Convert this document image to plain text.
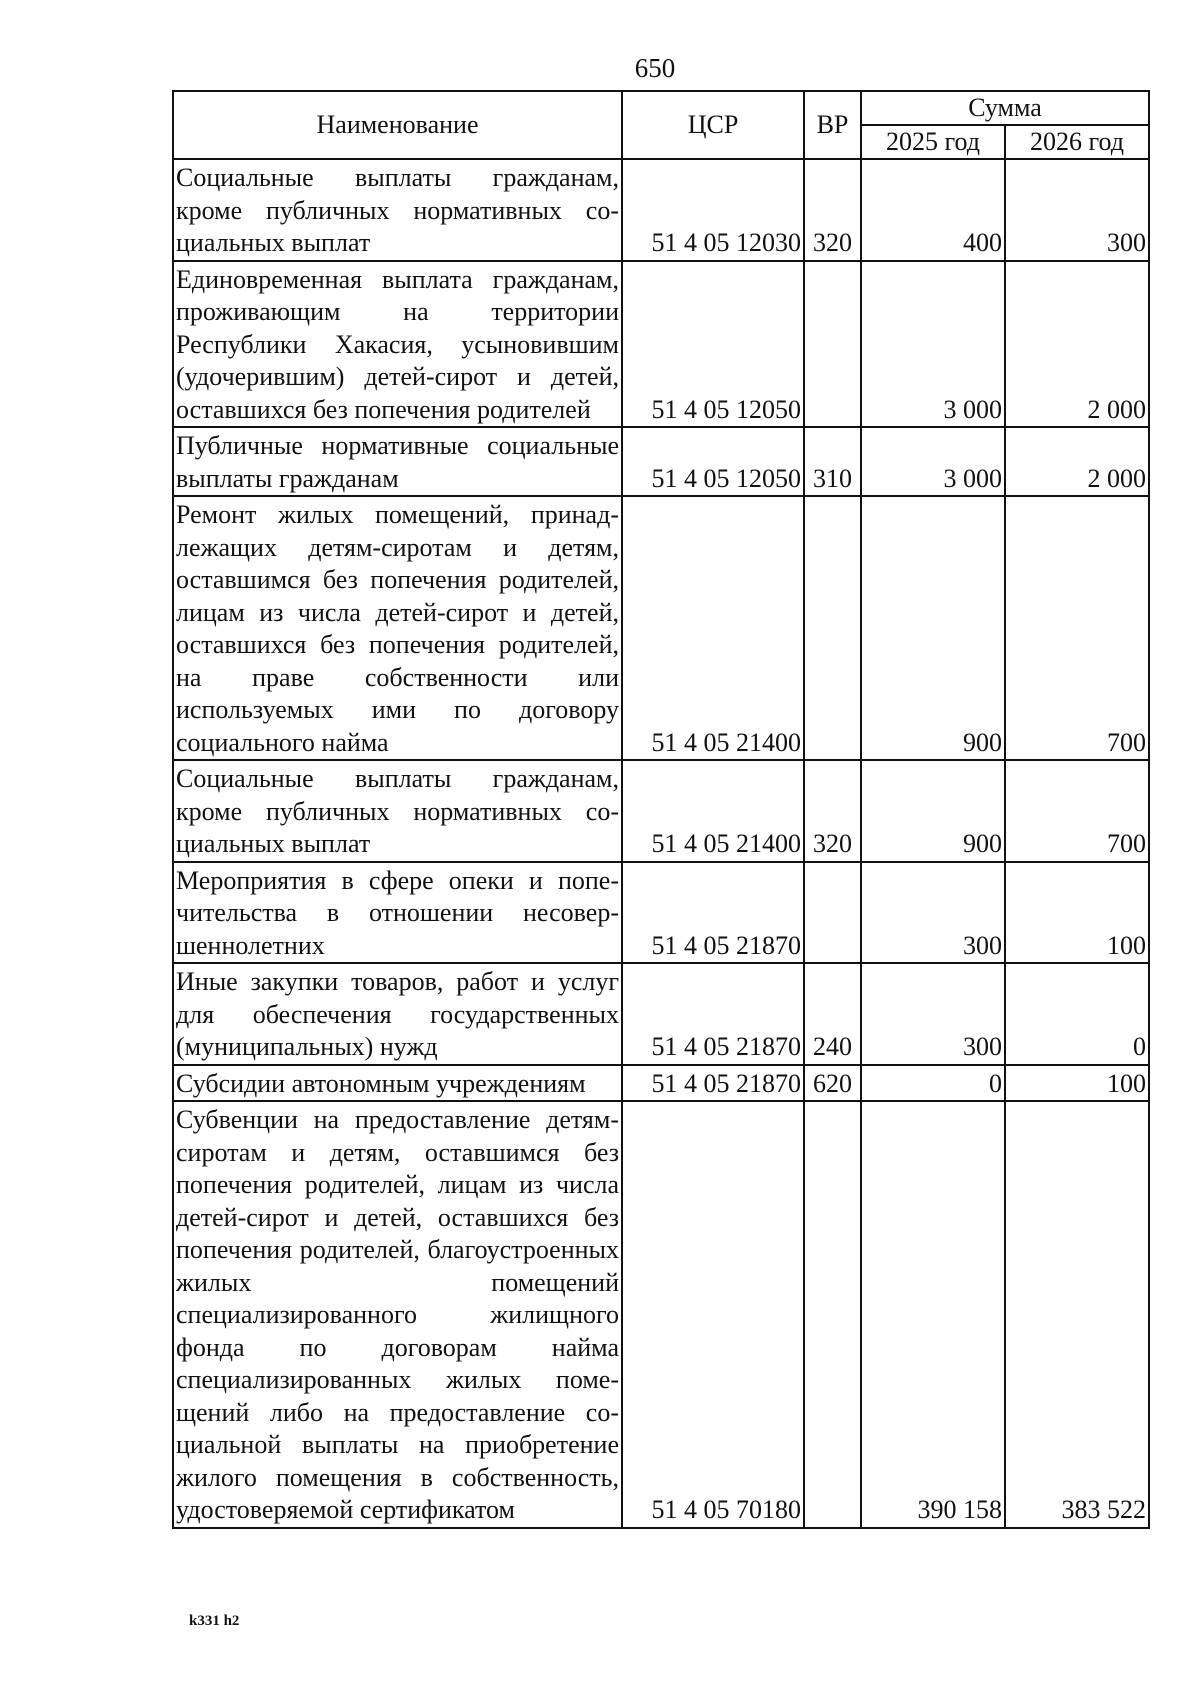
650
Наименование	ЦСР	ВР	Сумма	
			2025 год	2026 год
Социальные выплаты гражданам, кроме публичных нормативных социальных выплат	51 4 05 12030	320	400	300
Единовременная выплата гражданам, проживающим на территории Республики Хакасия, усыновившим (удочерившим) детей-сирот и детей, оставшихся без попечения родителей	51 4 05 12050		3 000	2 000
Публичные нормативные социальные выплаты гражданам	51 4 05 12050	310	3 000	2 000
Ремонт жилых помещений, принадлежащих детям-сиротам и детям, оставшимся без попечения родителей, лицам из числа детей-сирот и детей, оставшихся без попечения родителей, на праве собственности или используемых ими по договору социального найма	51 4 05 21400		900	700
Социальные выплаты гражданам, кроме публичных нормативных социальных выплат	51 4 05 21400	320	900	700
Мероприятия в сфере опеки и попечительства в отношении несовершеннолетних	51 4 05 21870		300	100
Иные закупки товаров, работ и услуг для обеспечения государственных (муниципальных) нужд	51 4 05 21870	240	300	0
Субсидии автономным учреждениям	51 4 05 21870	620	0	100
Субвенции на предоставление детям-сиротам и детям, оставшимся без попечения родителей, лицам из числа детей-сирот и детей, оставшихся без попечения родителей, благоустроенных жилых помещений специализированного жилищного фонда по договорам найма специализированных жилых помещений либо на предоставление социальной выплаты на приобретение жилого помещения в собственность, удостоверяемой сертификатом	51 4 05 70180		390 158	383 522
k331 h2
